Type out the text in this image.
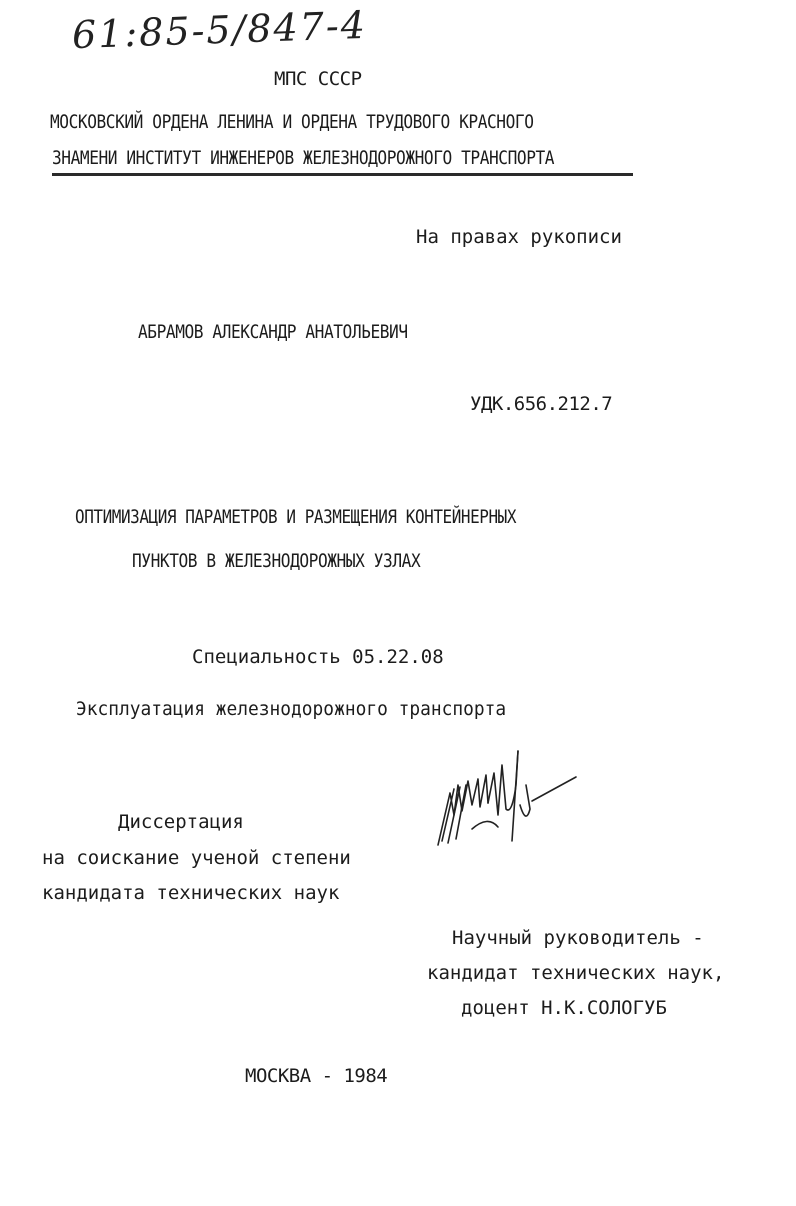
61:85-5/847-4
МПС СССР
МОСКОВСКИЙ ОРДЕНА ЛЕНИНА И ОРДЕНА ТРУДОВОГО КРАСНОГО
ЗНАМЕНИ ИНСТИТУТ ИНЖЕНЕРОВ ЖЕЛЕЗНОДОРОЖНОГО ТРАНСПОРТА
На правах рукописи
АБРАМОВ АЛЕКСАНДР АНАТОЛЬЕВИЧ
УДК.656.212.7
ОПТИМИЗАЦИЯ ПАРАМЕТРОВ И РАЗМЕЩЕНИЯ КОНТЕЙНЕРНЫХ
ПУНКТОВ В ЖЕЛЕЗНОДОРОЖНЫХ УЗЛАХ
Специальность 05.22.08
Эксплуатация железнодорожного транспорта
Диссертация
на соискание ученой степени
кандидата технических наук
Научный руководитель -
кандидат технических наук,
доцент Н.К.СОЛОГУБ
МОСКВА - 1984
